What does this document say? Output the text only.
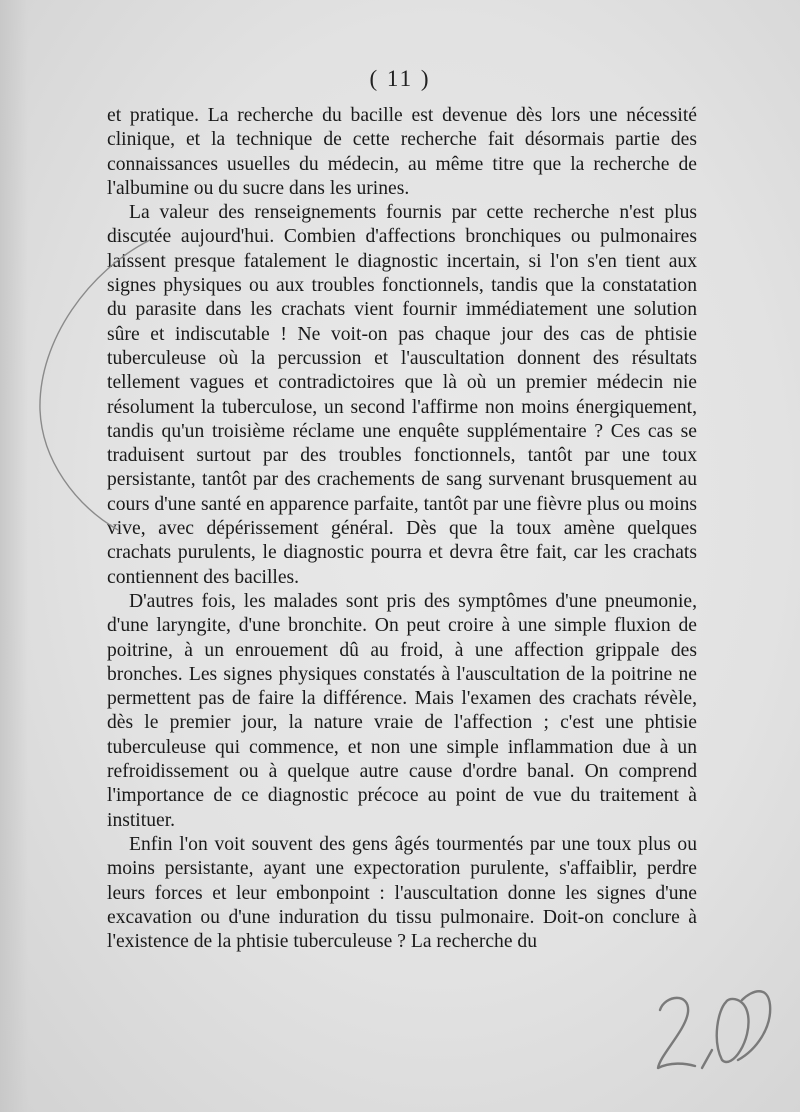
( 11 )

et pratique. La recherche du bacille est devenue dès lors une nécessité clinique, et la technique de cette recherche fait désormais partie des connaissances usuelles du médecin, au même titre que la recherche de l'albumine ou du sucre dans les urines.

La valeur des renseignements fournis par cette recherche n'est plus discutée aujourd'hui. Combien d'affections bronchiques ou pulmonaires laissent presque fatalement le diagnostic incertain, si l'on s'en tient aux signes physiques ou aux troubles fonctionnels, tandis que la constatation du parasite dans les crachats vient fournir immédiatement une solution sûre et indiscutable ! Ne voit-on pas chaque jour des cas de phtisie tuberculeuse où la percussion et l'auscultation donnent des résultats tellement vagues et contradictoires que là où un premier médecin nie résolument la tuberculose, un second l'affirme non moins énergiquement, tandis qu'un troisième réclame une enquête supplémentaire ? Ces cas se traduisent surtout par des troubles fonctionnels, tantôt par une toux persistante, tantôt par des crachements de sang survenant brusquement au cours d'une santé en apparence parfaite, tantôt par une fièvre plus ou moins vive, avec dépérissement général. Dès que la toux amène quelques crachats purulents, le diagnostic pourra et devra être fait, car les crachats contiennent des bacilles.

D'autres fois, les malades sont pris des symptômes d'une pneumonie, d'une laryngite, d'une bronchite. On peut croire à une simple fluxion de poitrine, à un enrouement dû au froid, à une affection grippale des bronches. Les signes physiques constatés à l'auscultation de la poitrine ne permettent pas de faire la différence. Mais l'examen des crachats révèle, dès le premier jour, la nature vraie de l'affection ; c'est une phtisie tuberculeuse qui commence, et non une simple inflammation due à un refroidissement ou à quelque autre cause d'ordre banal. On comprend l'importance de ce diagnostic précoce au point de vue du traitement à instituer.

Enfin l'on voit souvent des gens âgés tourmentés par une toux plus ou moins persistante, ayant une expectoration purulente, s'affaiblir, perdre leurs forces et leur embonpoint : l'auscultation donne les signes d'une excavation ou d'une induration du tissu pulmonaire. Doit-on conclure à l'existence de la phtisie tuberculeuse ? La recherche du
